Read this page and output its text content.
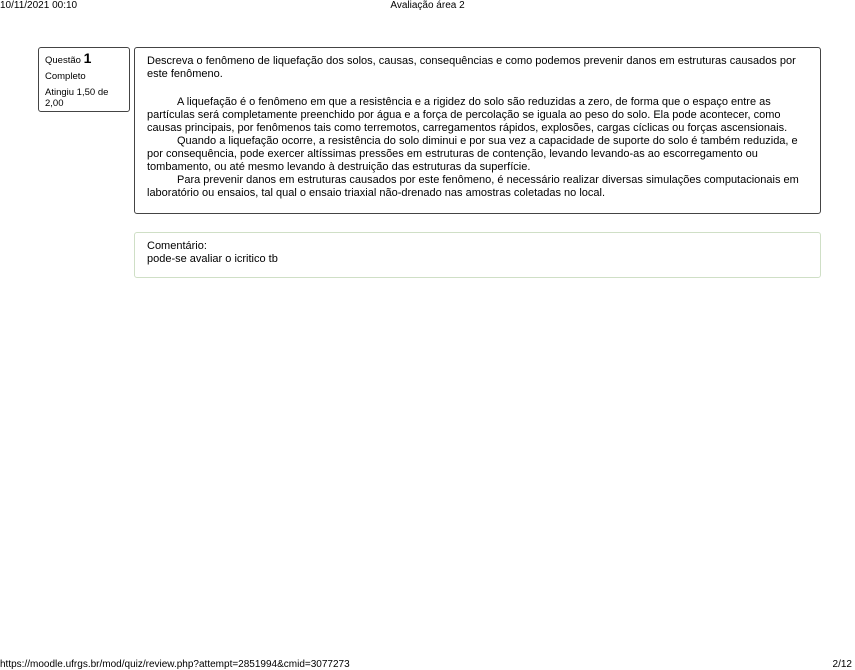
10/11/2021 00:10	Avaliação área 2
Questão 1
Completo
Atingiu 1,50 de 2,00
Descreva o fenômeno de liquefação dos solos, causas, consequências e como podemos prevenir danos em estruturas causados por este fenômeno.

A liquefação é o fenômeno em que a resistência e a rigidez do solo são reduzidas a zero, de forma que o espaço entre as partículas será completamente preenchido por água e a força de percolação se iguala ao peso do solo. Ela pode acontecer, como causas principais, por fenômenos tais como terremotos, carregamentos rápidos, explosões, cargas cíclicas ou forças ascensionais.

Quando a liquefação ocorre, a resistência do solo diminui e por sua vez a capacidade de suporte do solo é também reduzida, e por consequência, pode exercer altíssimas pressões em estruturas de contenção, levando levando-as ao escorregamento ou tombamento, ou até mesmo levando à destruição das estruturas da superfície.

Para prevenir danos em estruturas causados por este fenômeno, é necessário realizar diversas simulações computacionais em laboratório ou ensaios, tal qual o ensaio triaxial não-drenado nas amostras coletadas no local.

Comentário:
pode-se avaliar o icritico tb
https://moodle.ufrgs.br/mod/quiz/review.php?attempt=2851994&cmid=3077273	2/12
